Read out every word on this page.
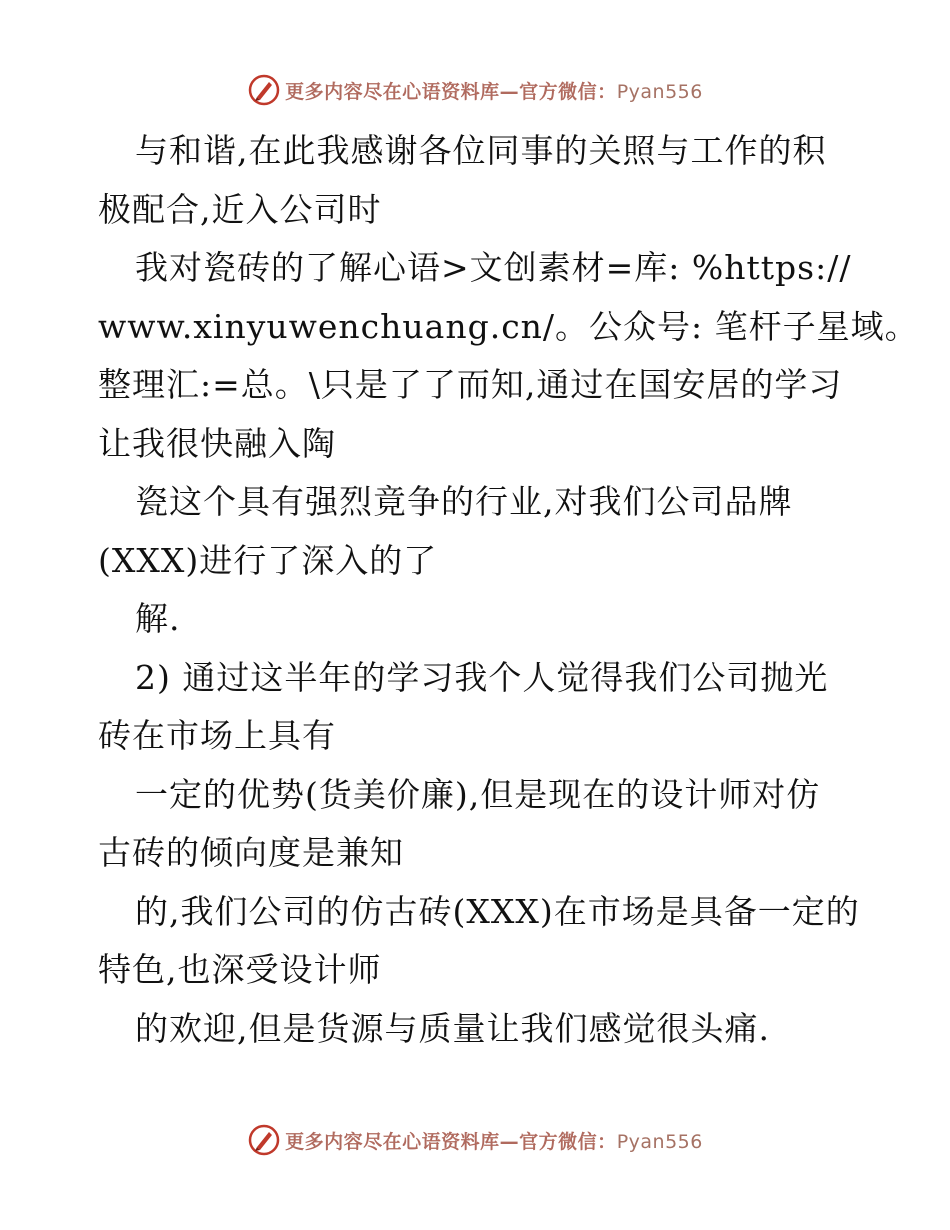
更多内容尽在心语资料库—官方微信：Pyan556
与和谐,在此我感谢各位同事的关照与工作的积
极配合,近入公司时
我对瓷砖的了解心语>文创素材=库: %https://
www.xinyuwenchuang.cn/。公众号: 笔杆子星域。
整理汇:=总。\只是了了而知,通过在国安居的学习
让我很快融入陶
瓷这个具有强烈竟争的行业,对我们公司品牌
(XXX)进行了深入的了
解.
2) 通过这半年的学习我个人觉得我们公司抛光
砖在市场上具有
一定的优势(货美价廉),但是现在的设计师对仿
古砖的倾向度是兼知
的,我们公司的仿古砖(XXX)在市场是具备一定的
特色,也深受设计师
的欢迎,但是货源与质量让我们感觉很头痛.
更多内容尽在心语资料库—官方微信：Pyan556
